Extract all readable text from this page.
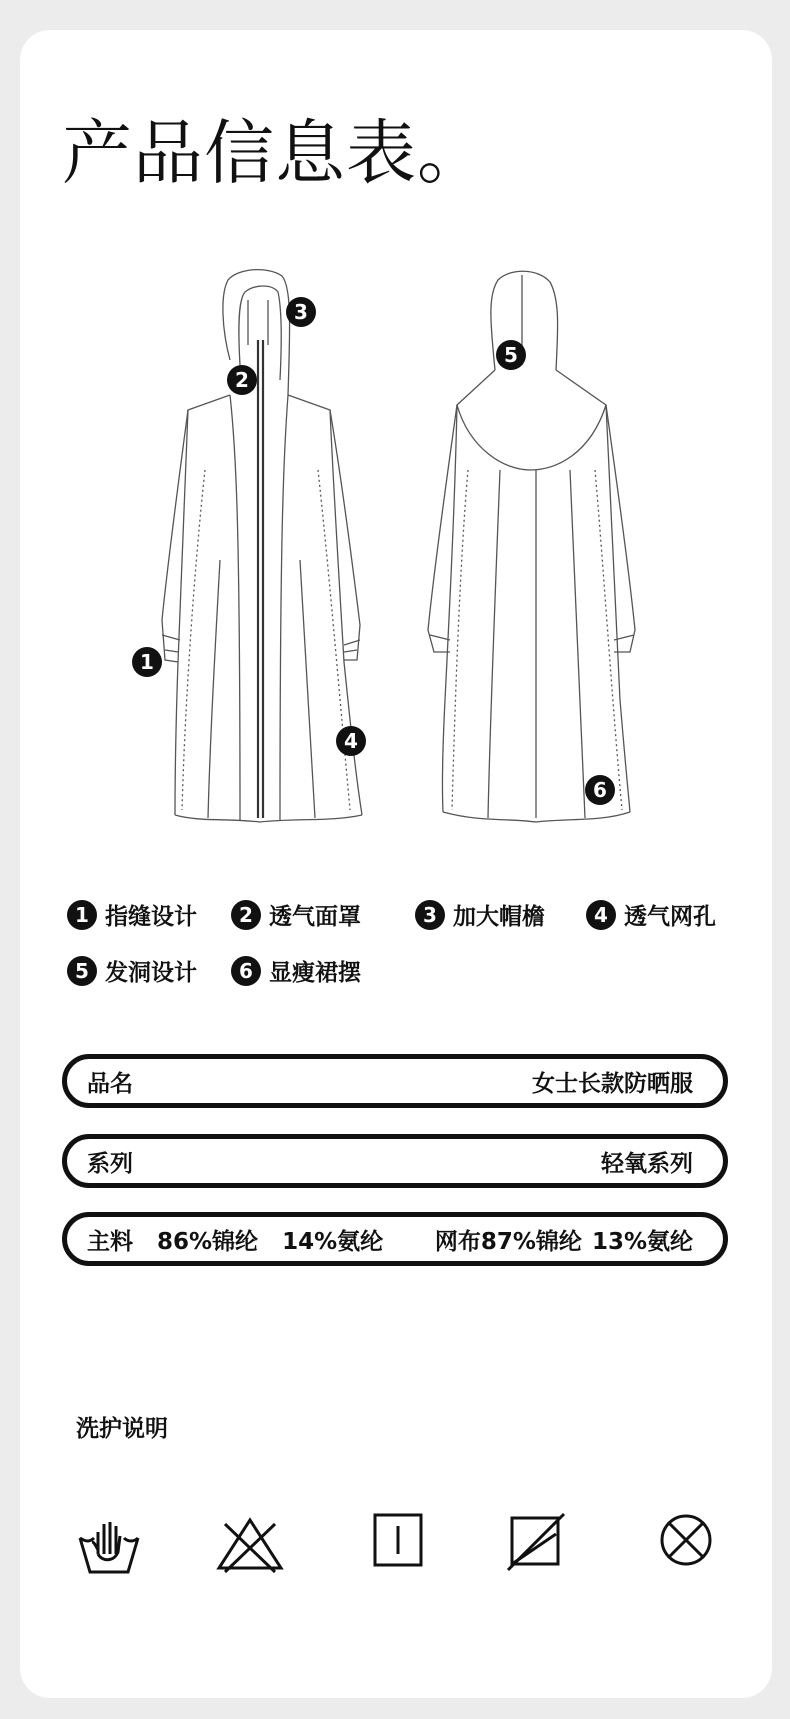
产品信息表。
3
2
1
4
5
6
1 指缝设计	2 透气面罩	3 加大帽檐	4 透气网孔
5 发洞设计	6 显瘦裙摆
品名	女士长款防晒服
系列	轻氧系列
主料 86%锦纶 14%氨纶 网布87%锦纶 13%氨纶
洗护说明
